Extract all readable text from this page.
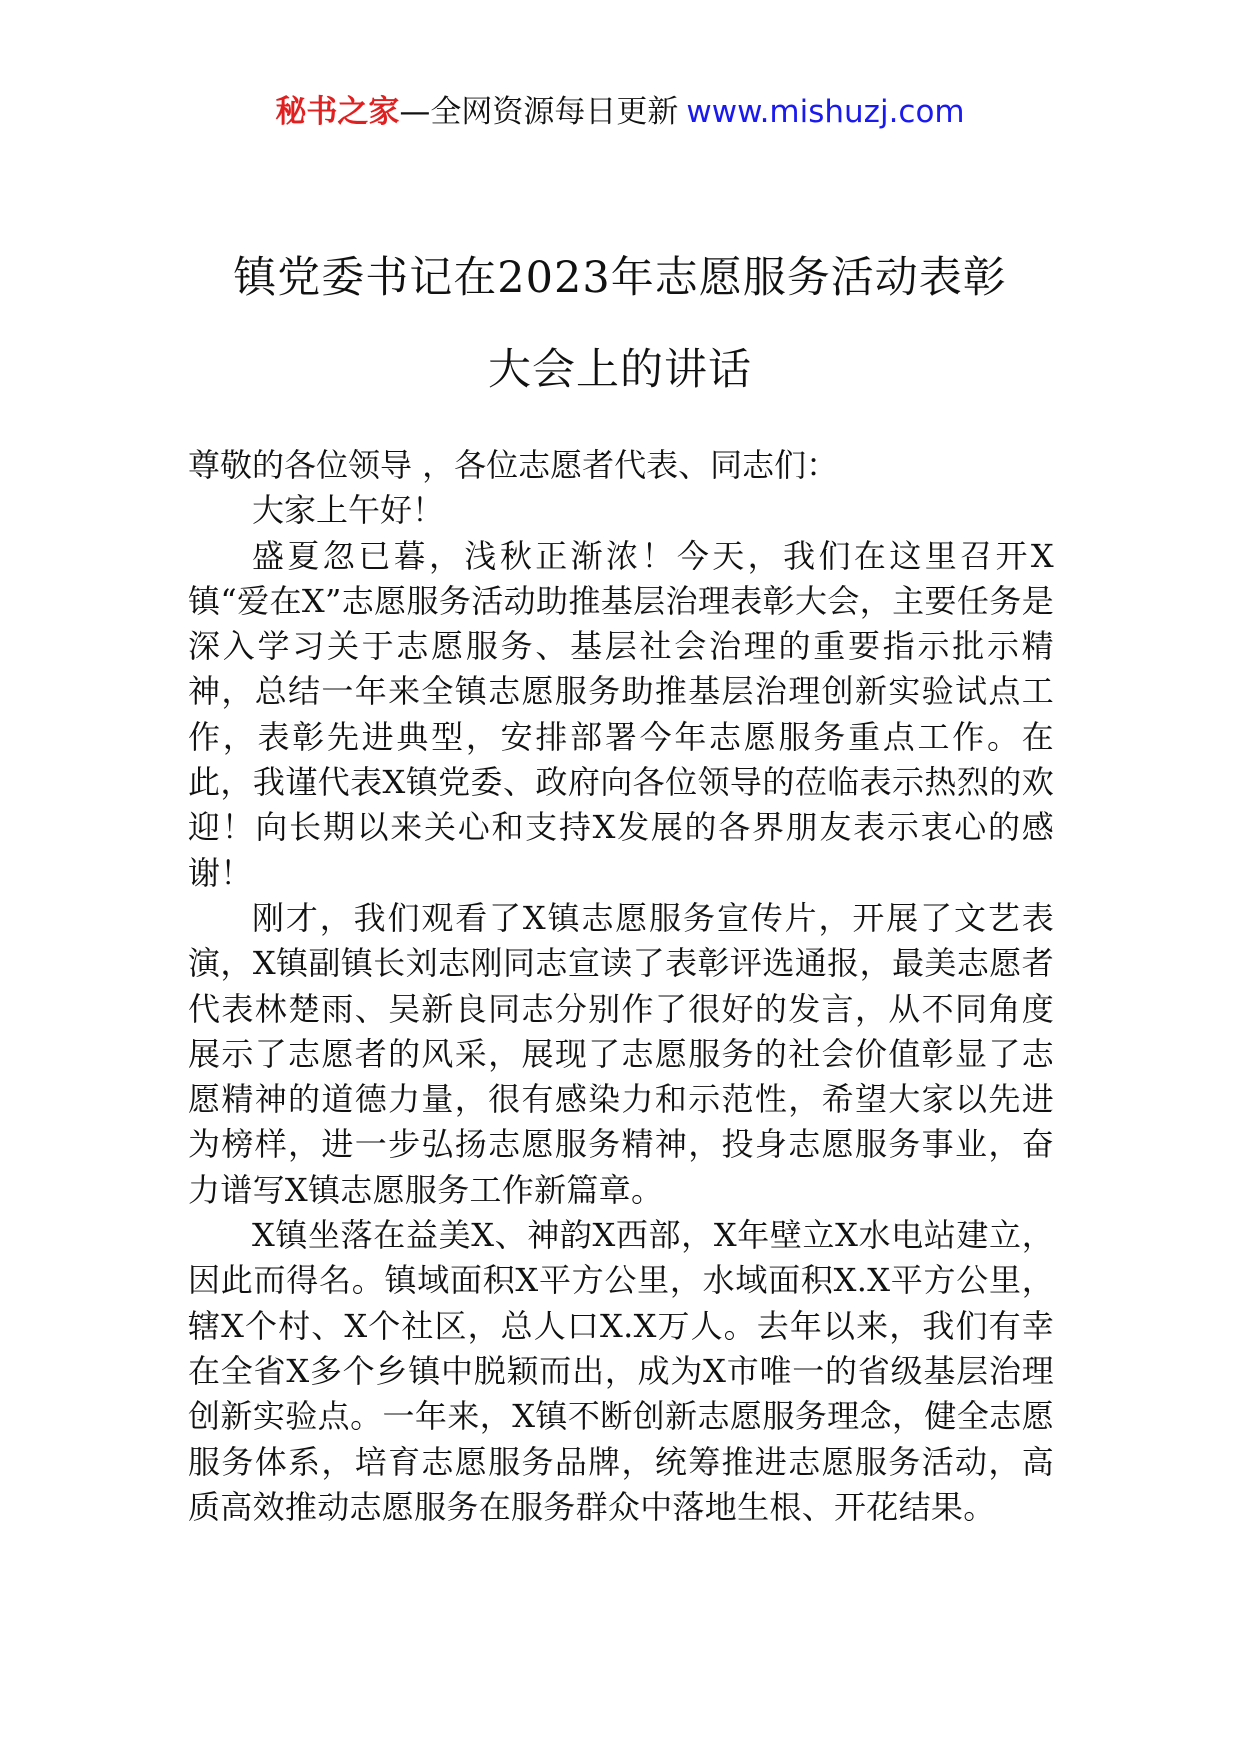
秘书之家—全网资源每日更新 www.mishuzj.com
镇党委书记在2023年志愿服务活动表彰
大会上的讲话

尊敬的各位领导 ，各位志愿者代表、同志们：

大家上午好！

盛夏忽已暮，浅秋正渐浓！今天，我们在这里召开X镇“爱在X”志愿服务活动助推基层治理表彰大会，主要任务是深入学习关于志愿服务、基层社会治理的重要指示批示精神，总结一年来全镇志愿服务助推基层治理创新实验试点工作，表彰先进典型，安排部署今年志愿服务重点工作。在此，我谨代表X镇党委、政府向各位领导的莅临表示热烈的欢迎！向长期以来关心和支持X发展的各界朋友表示衷心的感谢！

刚才，我们观看了X镇志愿服务宣传片，开展了文艺表演，X镇副镇长刘志刚同志宣读了表彰评选通报，最美志愿者代表林楚雨、吴新良同志分别作了很好的发言，从不同角度展示了志愿者的风采，展现了志愿服务的社会价值彰显了志愿精神的道德力量，很有感染力和示范性，希望大家以先进为榜样，进一步弘扬志愿服务精神，投身志愿服务事业，奋力谱写X镇志愿服务工作新篇章。

X镇坐落在益美X、神韵X西部，X年壁立X水电站建立，因此而得名。镇域面积X平方公里，水域面积X.X平方公里，辖X个村、X个社区，总人口X.X万人。去年以来，我们有幸在全省X多个乡镇中脱颖而出，成为X市唯一的省级基层治理创新实验点。一年来，X镇不断创新志愿服务理念，健全志愿服务体系，培育志愿服务品牌，统筹推进志愿服务活动，高质高效推动志愿服务在服务群众中落地生根、开花结果。
